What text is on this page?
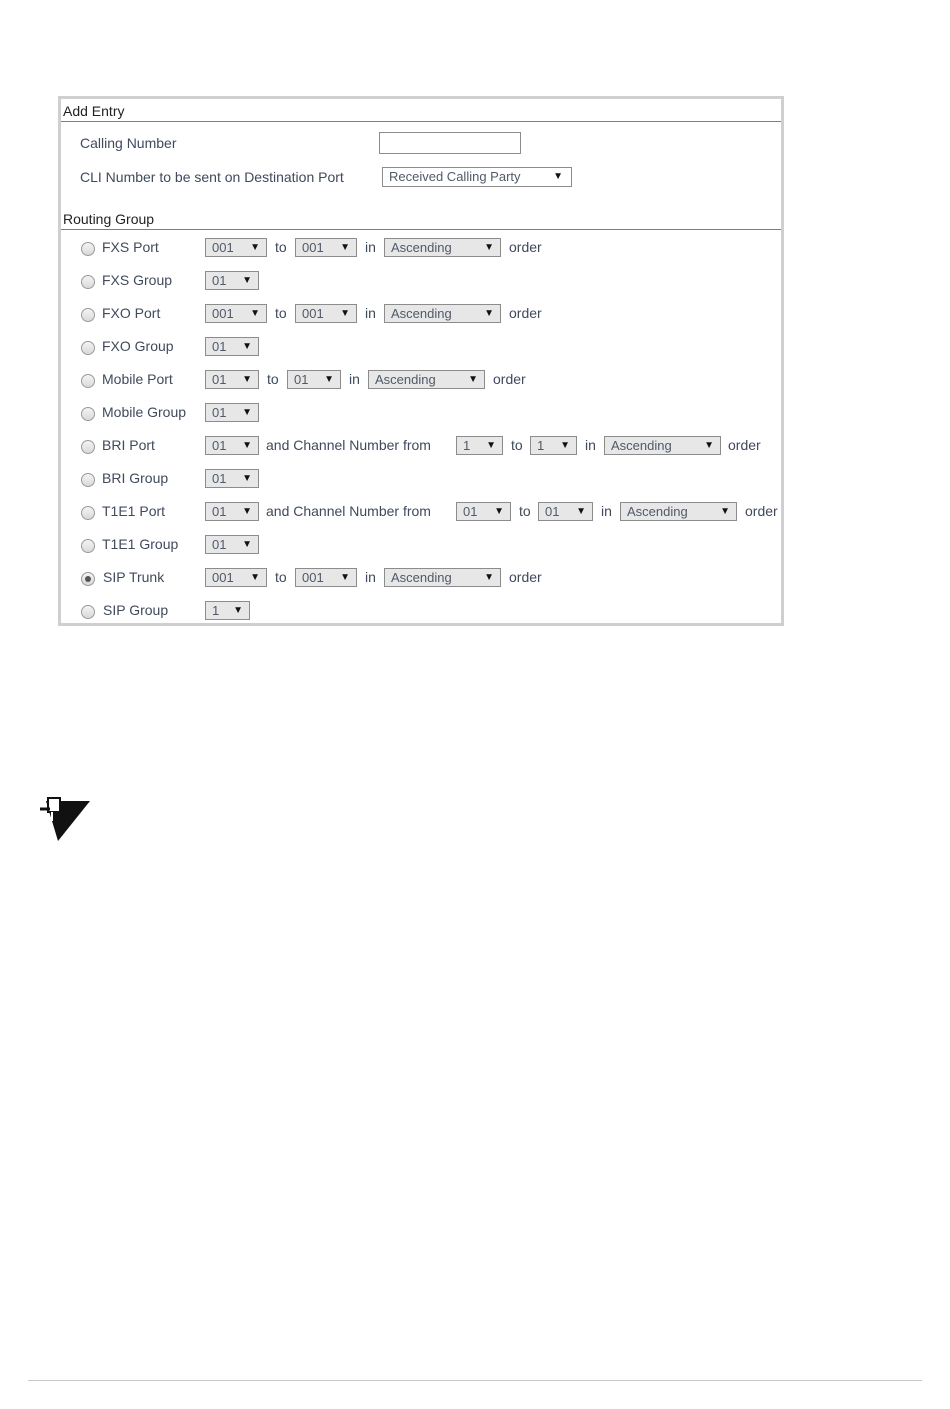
Add Entry
Calling Number
CLI Number to be sent on Destination Port	Received Calling Party	▼
Routing Group
FXS Port	001 ▼ to	001 ▼ in	Ascending	▼ order
FXS Group	01 ▼
FXO Port	001 ▼ to	001 ▼ in	Ascending	▼ order
FXO Group	01 ▼
Mobile Port	01 ▼ to	01 ▼ in	Ascending	▼ order
Mobile Group	01 ▼
BRI Port	01 ▼ and Channel Number from	1 ▼ to	1 ▼ in	Ascending	▼ order
BRI Group	01 ▼
T1E1 Port	01 ▼ and Channel Number from	01 ▼ to	01 ▼ in	Ascending	▼ order
T1E1 Group	01 ▼
SIP Trunk	001 ▼ to	001 ▼ in	Ascending	▼ order
SIP Group	1 ▼
